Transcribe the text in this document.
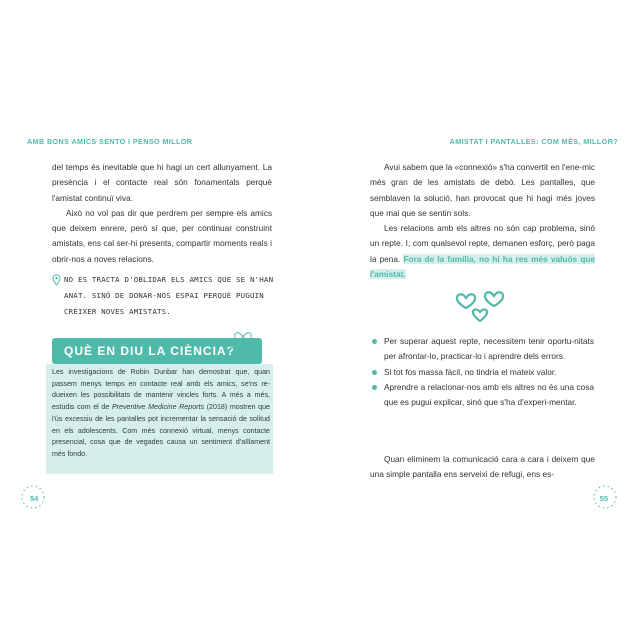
AMB BONS AMICS SENTO I PENSO MILLOR

del temps és inevitable que hi hagi un cert allunyament. La presència i el contacte real són fonamentals perquè l'amistat continuï viva.

Això no vol pas dir que perdrem per sempre els amics que deixem enrere, però sí que, per continuar construint amistats, ens cal ser-hi presents, compartir moments reals i obrir-nos a noves relacions.

NO ES TRACTA D'OBLIDAR ELS AMICS QUE SE N'HAN ANAT. SINÓ DE DONAR-NOS ESPAI PERQUÈ PUGUIN CRÉIXER NOVES AMISTATS.
QUÈ EN DIU LA CIÈNCIA?
Les investigacions de Robin Dunbar han demostrat que, quan passem menys temps en contacte real amb els amics, se'ns re-dueixen les possibilitats de mantenir vincles forts. A més a més, estudis com el de Preventive Medicine Reports (2018) mostren que l'ús excessiu de les pantalles pot incrementar la sensació de solitud en els adolescents. Com més connexió virtual, menys contacte presencial, cosa que de vegades causa un sentiment d'aïllament més fondo.
54
AMISTAT I PANTALLES: COM MÉS, MILLOR?

Avui sabem que la «connexió» s'ha convertit en l'ene-mic més gran de les amistats de debò. Les pantalles, que semblaven la solució, han provocat que hi hagi més joves que mai que se sentin sols.

Les relacions amb els altres no són cap problema, sinó un repte. I, com qualsevol repte, demanen esforç, però paga la pena. Fora de la família, no hi ha res més valuós que l'amistat.

Per superar aquest repte, necessitem tenir oportu-nitats per afrontar-lo, practicar-lo i aprendre dels errors.
Si tot fos massa fàcil, no tindria el mateix valor.
Aprendre a relacionar-nos amb els altres no és una cosa que es pugui explicar, sinó que s'ha d'experi-mentar.

Quan eliminem la comunicació cara a cara i deixem que una simple pantalla ens serveixi de refugi, ens es-

55
